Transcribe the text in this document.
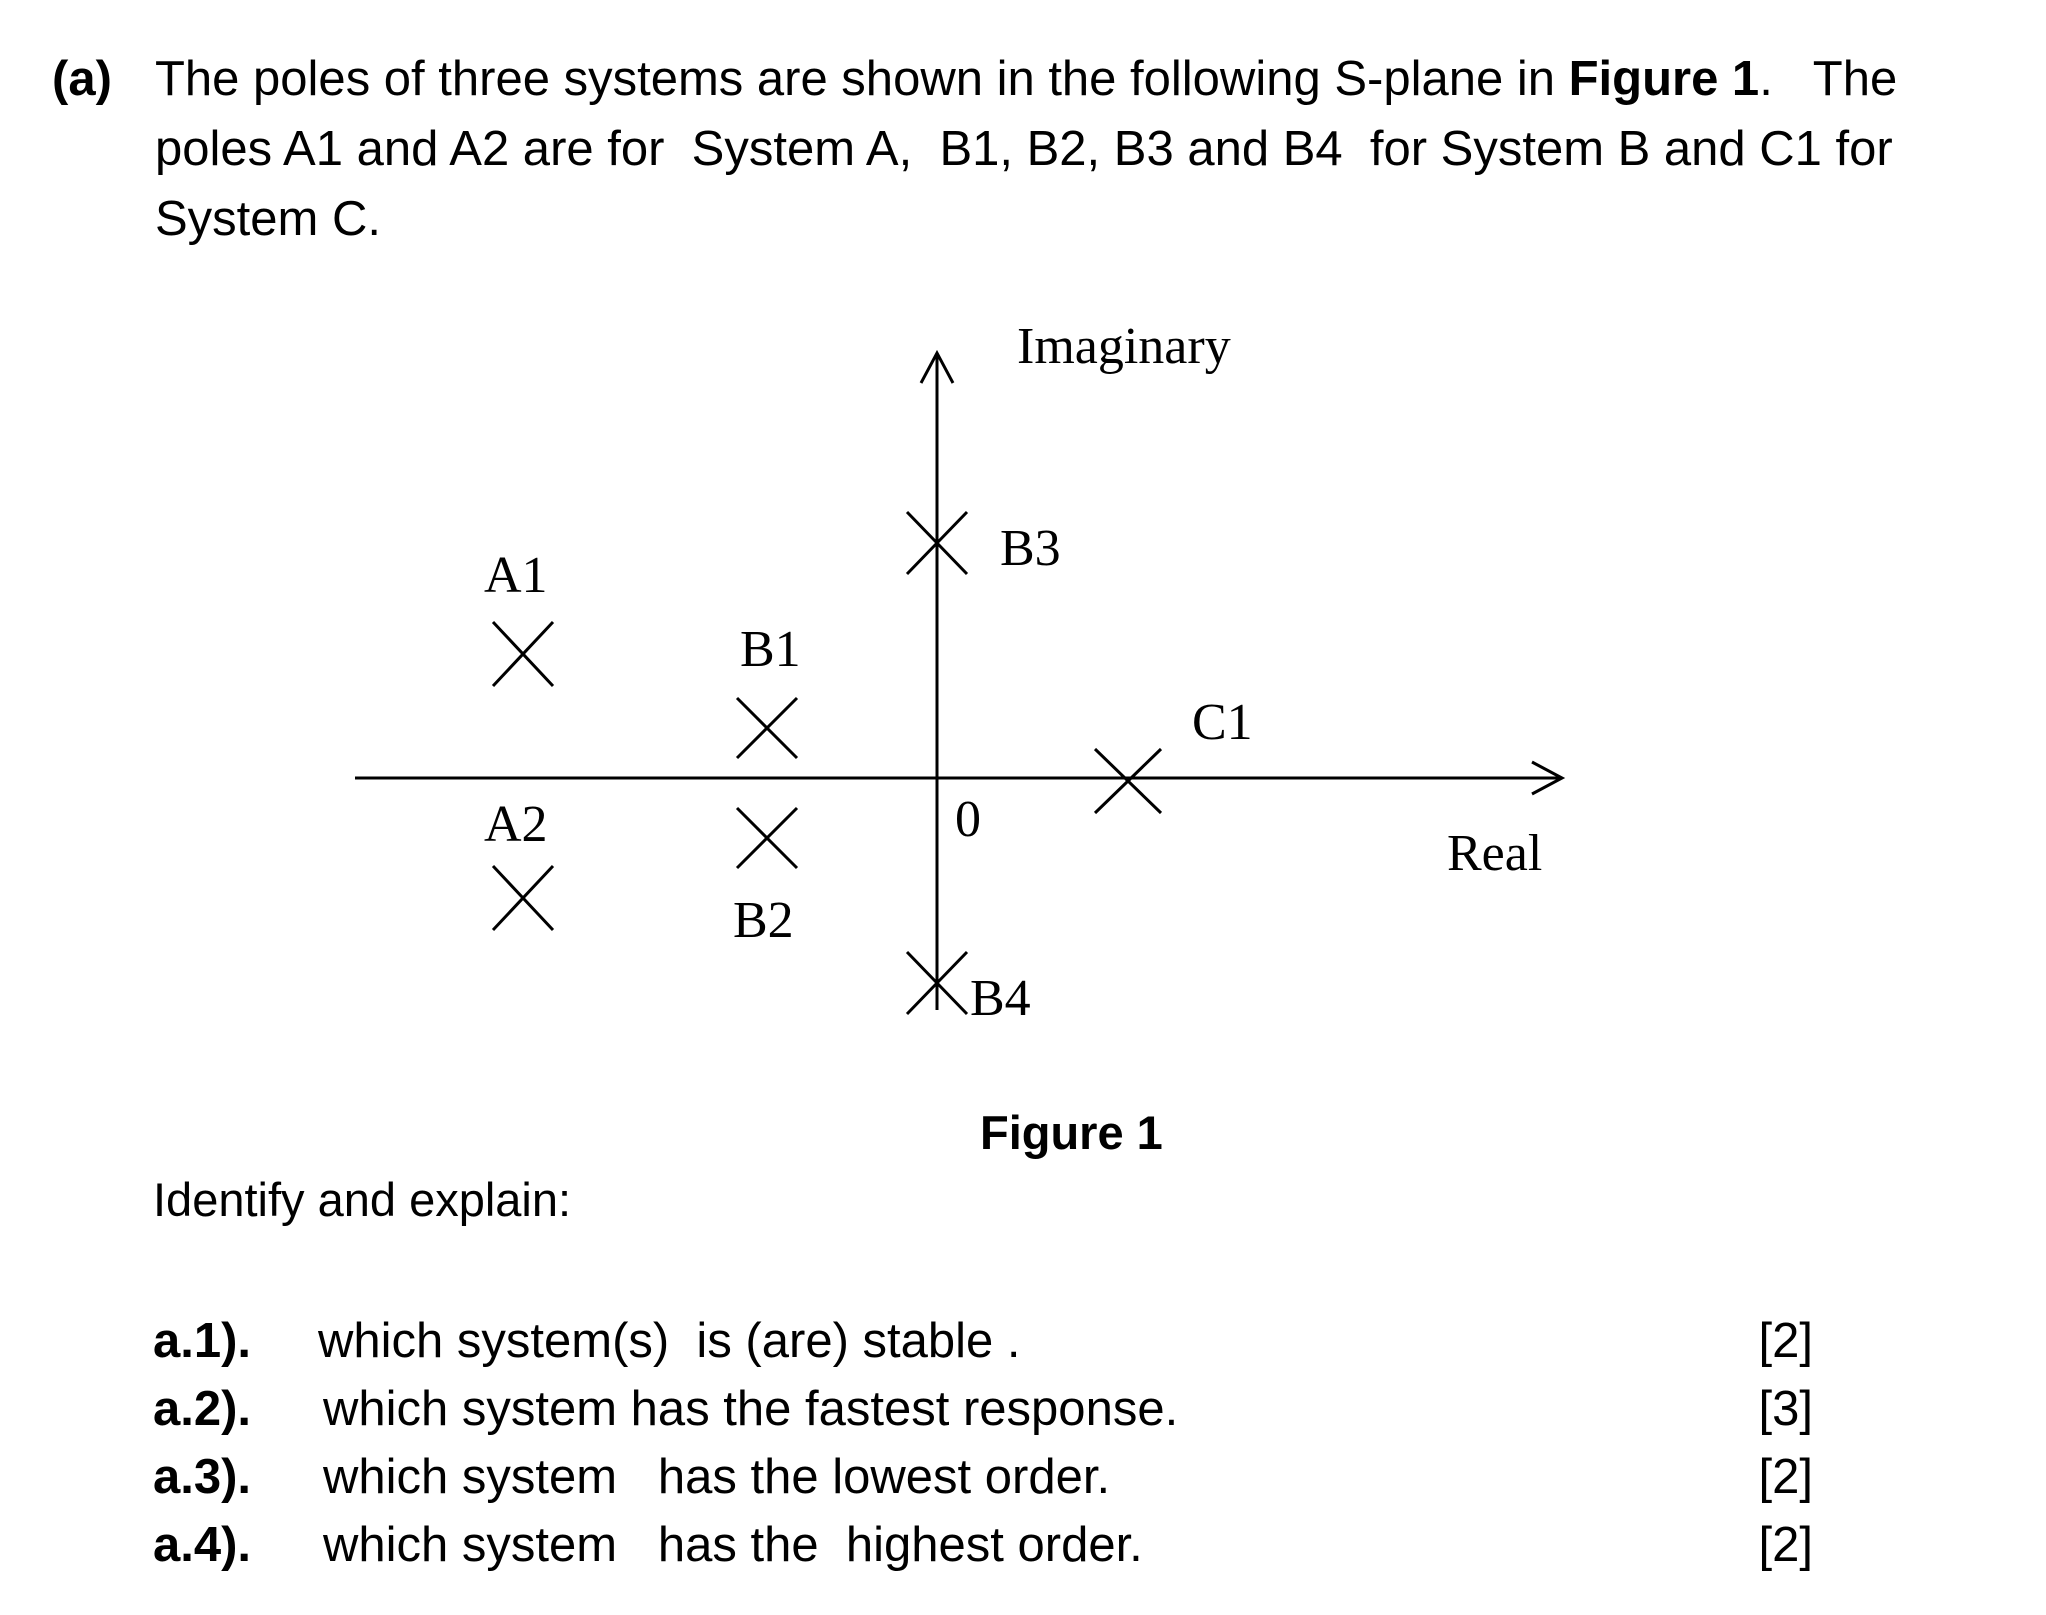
(a) The poles of three systems are shown in the following S-plane in Figure 1.   The
poles A1 and A2 are for  System A,  B1, B2, B3 and B4  for System B and C1 for
System C.
Imaginary
Real
0
A1
A2
B1
B2
B3
B4
C1
Figure 1
Identify and explain:
a.1). which system(s)  is (are) stable .	[2]
a.2). which system has the fastest response.	[3]
a.3). which system   has the lowest order.	[2]
a.4). which system   has the  highest order.	[2]
